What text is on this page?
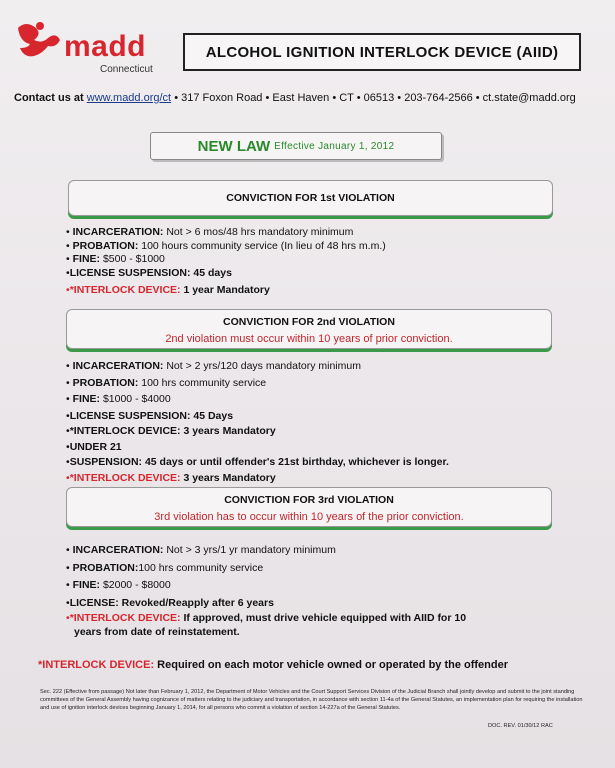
madd
Connecticut
ALCOHOL IGNITION INTERLOCK DEVICE (AIID)
Contact us at www.madd.org/ct • 317 Foxon Road • East Haven • CT • 06513 • 203-764-2566 • ct.state@madd.org
NEW LAW Effective January 1, 2012
CONVICTION FOR 1st VIOLATION
• INCARCERATION: Not > 6 mos/48 hrs mandatory minimum
• PROBATION: 100 hours community service (In lieu of 48 hrs m.m.)
• FINE: $500 - $1000
•LICENSE SUSPENSION: 45 days
•*INTERLOCK DEVICE: 1 year Mandatory
CONVICTION FOR 2nd VIOLATION
2nd violation must occur within 10 years of prior conviction.
• INCARCERATION: Not > 2 yrs/120 days mandatory minimum
• PROBATION: 100 hrs community service
• FINE: $1000 - $4000
•LICENSE SUSPENSION: 45 Days
•*INTERLOCK DEVICE: 3 years Mandatory
•UNDER 21
•SUSPENSION: 45 days or until offender's 21st birthday, whichever is longer.
•*INTERLOCK DEVICE: 3 years Mandatory
CONVICTION FOR 3rd VIOLATION
3rd violation has to occur within 10 years of the prior conviction.
• INCARCERATION: Not > 3 yrs/1 yr mandatory minimum
• PROBATION:100 hrs community service
• FINE: $2000 - $8000
•LICENSE: Revoked/Reapply after 6 years
•*INTERLOCK DEVICE: If approved, must drive vehicle equipped with AIID for 10
years from date of reinstatement.
*INTERLOCK DEVICE: Required on each motor vehicle owned or operated by the offender
Sec. 222 (Effective from passage) Not later than February 1, 2012, the Department of Motor Vehicles and the Court Support Services Division of the Judicial Branch shall jointly develop and submit to the joint standing committees of the General Assembly having cognizance of matters relating to the judiciary and transportation, in accordance with section 11-4a of the General Statutes, an implementation plan for requiring the installation and use of ignition interlock devices beginning January 1, 2014, for all persons who commit a violation of section 14-227a of the General Statutes.
DOC. REV. 01/30/12 RAC
